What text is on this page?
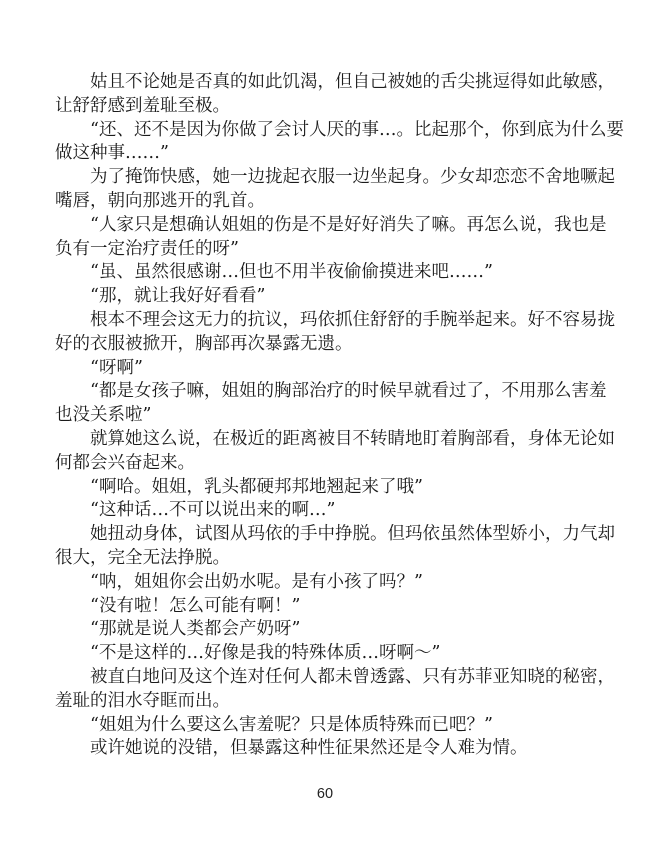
姑且不论她是否真的如此饥渴，但自己被她的舌尖挑逗得如此敏感，
让舒舒感到羞耻至极。
“还、还不是因为你做了会讨人厌的事…。比起那个，你到底为什么要
做这种事……”
为了掩饰快感，她一边拢起衣服一边坐起身。少女却恋恋不舍地噘起
嘴唇，朝向那逃开的乳首。
“人家只是想确认姐姐的伤是不是好好消失了嘛。再怎么说，我也是
负有一定治疗责任的呀”
“虽、虽然很感谢…但也不用半夜偷偷摸进来吧……”
“那，就让我好好看看”
根本不理会这无力的抗议，玛依抓住舒舒的手腕举起来。好不容易拢
好的衣服被掀开，胸部再次暴露无遗。
“呀啊”
“都是女孩子嘛，姐姐的胸部治疗的时候早就看过了，不用那么害羞
也没关系啦”
就算她这么说，在极近的距离被目不转睛地盯着胸部看，身体无论如
何都会兴奋起来。
“啊哈。姐姐，乳头都硬邦邦地翘起来了哦”
“这种话…不可以说出来的啊…”
她扭动身体，试图从玛依的手中挣脱。但玛依虽然体型娇小，力气却
很大，完全无法挣脱。
“呐，姐姐你会出奶水呢。是有小孩了吗？”
“没有啦！怎么可能有啊！”
“那就是说人类都会产奶呀”
“不是这样的…好像是我的特殊体质…呀啊～”
被直白地问及这个连对任何人都未曾透露、只有苏菲亚知晓的秘密，
羞耻的泪水夺眶而出。
“姐姐为什么要这么害羞呢？只是体质特殊而已吧？”
或许她说的没错，但暴露这种性征果然还是令人难为情。
60
